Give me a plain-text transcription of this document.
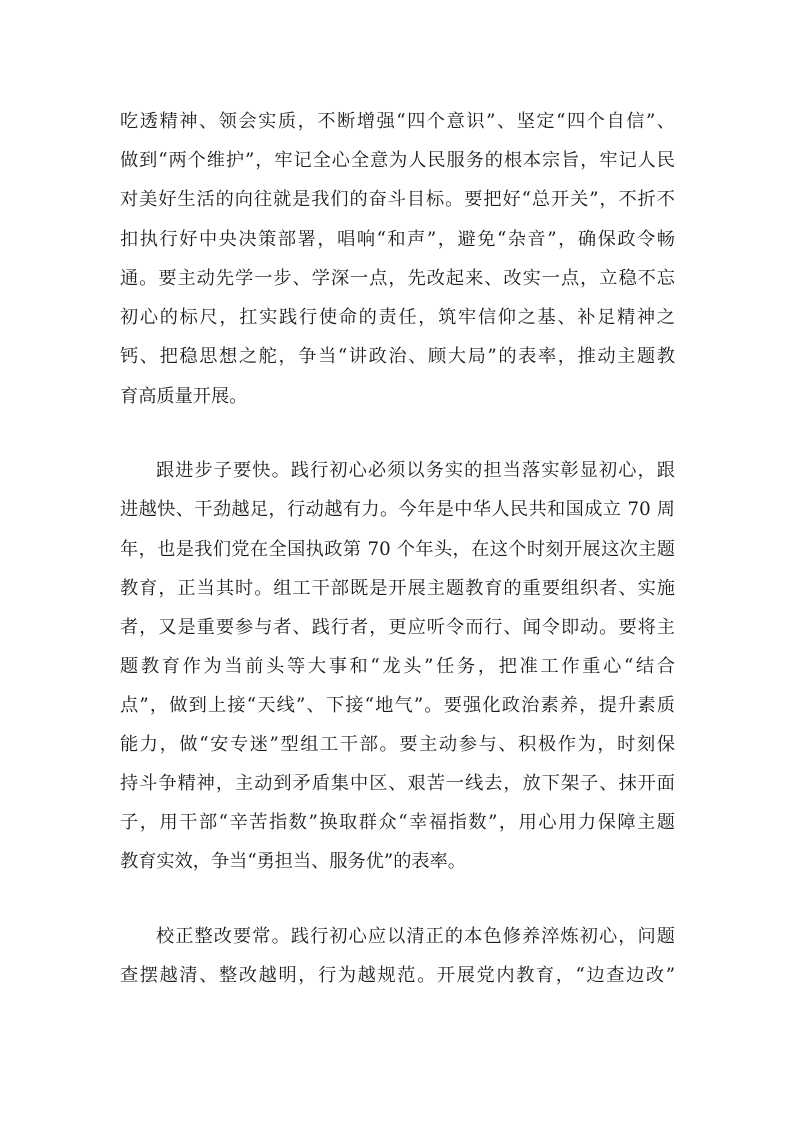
吃透精神、领会实质，不断增强“四个意识”、坚定“四个自信”、
做到“两个维护”，牢记全心全意为人民服务的根本宗旨，牢记人民
对美好生活的向往就是我们的奋斗目标。要把好“总开关”，不折不
扣执行好中央决策部署，唱响“和声”，避免“杂音”，确保政令畅
通。要主动先学一步、学深一点，先改起来、改实一点，立稳不忘
初心的标尺，扛实践行使命的责任，筑牢信仰之基、补足精神之
钙、把稳思想之舵，争当“讲政治、顾大局”的表率，推动主题教
育高质量开展。
跟进步子要快。践行初心必须以务实的担当落实彰显初心，跟
进越快、干劲越足，行动越有力。今年是中华人民共和国成立 70 周
年，也是我们党在全国执政第 70 个年头，在这个时刻开展这次主题
教育，正当其时。组工干部既是开展主题教育的重要组织者、实施
者，又是重要参与者、践行者，更应听令而行、闻令即动。要将主
题教育作为当前头等大事和“龙头”任务，把准工作重心“结合
点”，做到上接“天线”、下接“地气”。要强化政治素养，提升素质
能力，做“安专迷”型组工干部。要主动参与、积极作为，时刻保
持斗争精神，主动到矛盾集中区、艰苦一线去，放下架子、抹开面
子，用干部“辛苦指数”换取群众“幸福指数”，用心用力保障主题
教育实效，争当“勇担当、服务优”的表率。
校正整改要常。践行初心应以清正的本色修养淬炼初心，问题
查摆越清、整改越明，行为越规范。开展党内教育，“边查边改”
